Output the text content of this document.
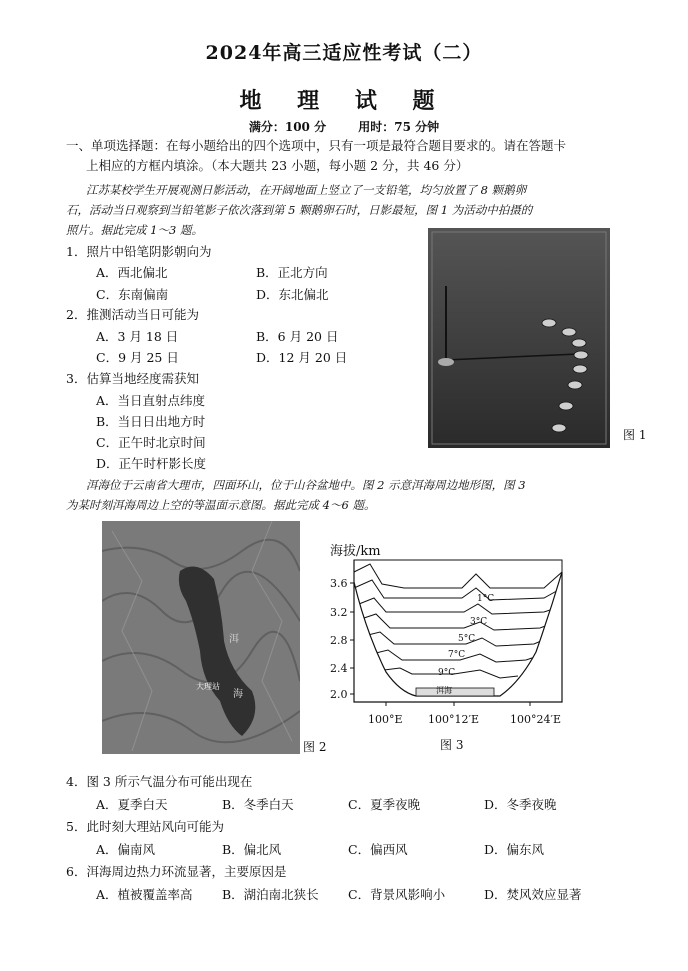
2024年高三适应性考试（二）
地 理 试 题
满分：100 分	用时：75 分钟
一、单项选择题：在每小题给出的四个选项中，只有一项是最符合题目要求的。请在答题卡
上相应的方框内填涂。（本大题共 23 小题，每小题 2 分，共 46 分）
江苏某校学生开展观测日影活动，在开阔地面上竖立了一支铅笔，均匀放置了 8 颗鹅卵
石，活动当日观察到当铅笔影子依次落到第 5 颗鹅卵石时，日影最短，图 1 为活动中拍摄的
照片。据此完成 1～3 题。
1．照片中铅笔阴影朝向为
A．西北偏北	B．正北方向
C．东南偏南	D．东北偏北
2．推测活动当日可能为
A．3 月 18 日	B．6 月 20 日
C．9 月 25 日	D．12 月 20 日
3．估算当地经度需获知
A．当日直射点纬度
B．当日日出地方时
C．正午时北京时间
D．正午时杆影长度
图 1
洱海位于云南省大理市，四面环山，位于山谷盆地中。图 2 示意洱海周边地形图，图 3
为某时刻洱海周边上空的等温面示意图。据此完成 4～6 题。
洱
海
大理站
图 2
海拔/km
3.6
3.2
2.8
2.4
2.0
100°E 100°12′E	100°24′E
1°C
3°C
5°C
7°C
9°C
洱海
图 3
4．图 3 所示气温分布可能出现在
A．夏季白天	B．冬季白天	C．夏季夜晚	D．冬季夜晚
5．此时刻大理站风向可能为
A．偏南风	B．偏北风	C．偏西风	D．偏东风
6．洱海周边热力环流显著，主要原因是
A．植被覆盖率高 B．湖泊南北狭长 C．背景风影响小	D．焚风效应显著
